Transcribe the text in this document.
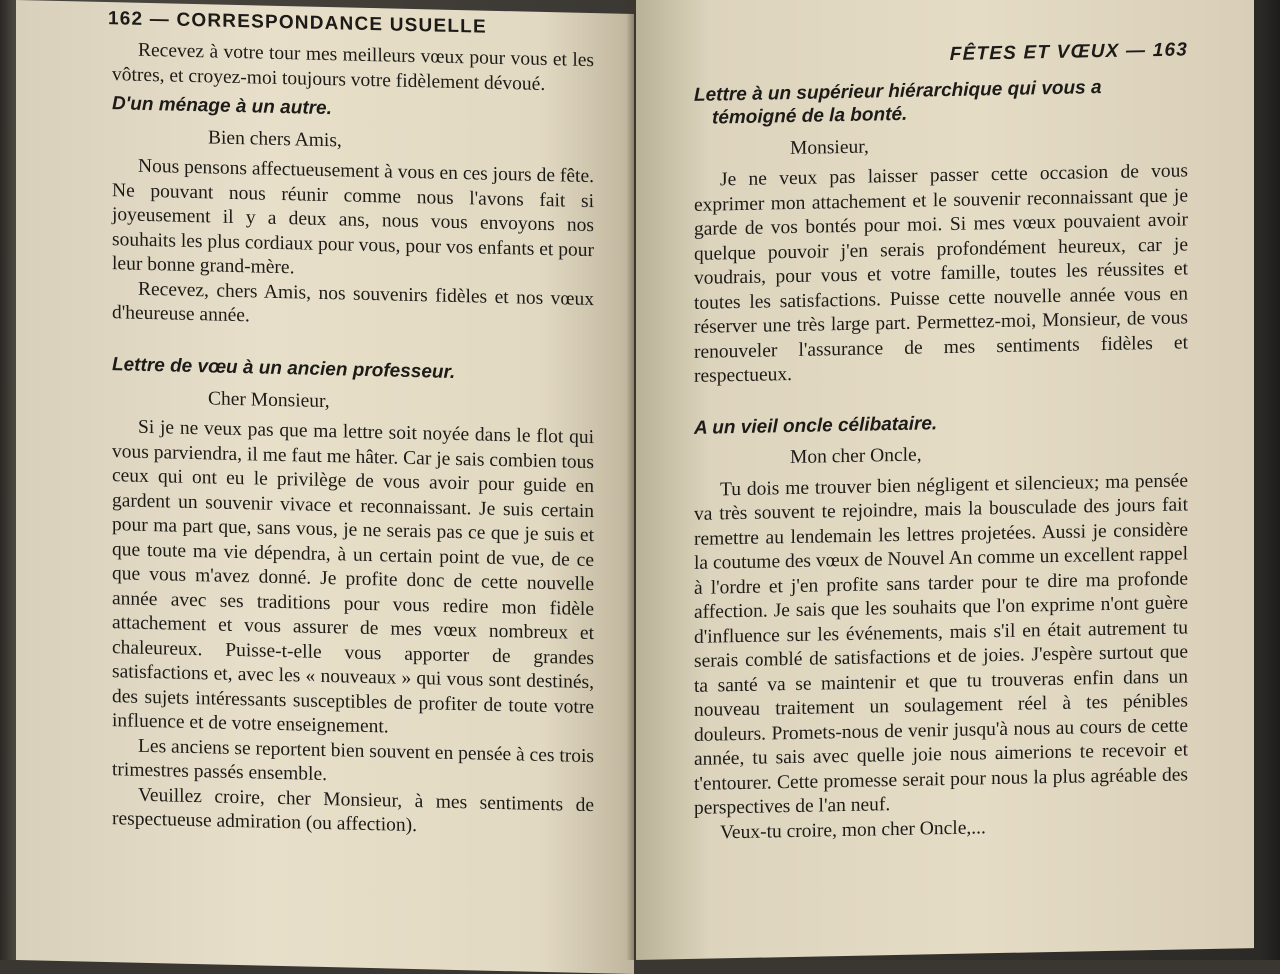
162 — CORRESPONDANCE USUELLE

Recevez à votre tour mes meilleurs vœux pour vous et les vôtres, et croyez-moi toujours votre fidèlement dévoué.

D'un ménage à un autre.
Bien chers Amis,

Nous pensons affectueusement à vous en ces jours de fête. Ne pouvant nous réunir comme nous l'avons fait si joyeusement il y a deux ans, nous vous envoyons nos souhaits les plus cordiaux pour vous, pour vos enfants et pour leur bonne grand-mère.

Recevez, chers Amis, nos souvenirs fidèles et nos vœux d'heureuse année.

Lettre de vœu à un ancien professeur.
Cher Monsieur,

Si je ne veux pas que ma lettre soit noyée dans le flot qui vous parviendra, il me faut me hâter. Car je sais combien tous ceux qui ont eu le privilège de vous avoir pour guide en gardent un souvenir vivace et reconnaissant. Je suis certain pour ma part que, sans vous, je ne serais pas ce que je suis et que toute ma vie dépendra, à un certain point de vue, de ce que vous m'avez donné. Je profite donc de cette nouvelle année avec ses traditions pour vous redire mon fidèle attachement et vous assurer de mes vœux nombreux et chaleureux. Puisse-t-elle vous apporter de grandes satisfactions et, avec les « nouveaux » qui vous sont destinés, des sujets intéressants susceptibles de profiter de toute votre influence et de votre enseignement.

Les anciens se reportent bien souvent en pensée à ces trois trimestres passés ensemble.

Veuillez croire, cher Monsieur, à mes sentiments de respectueuse admiration (ou affection).

FÊTES ET VŒUX — 163
Lettre à un supérieur hiérarchique qui vous a témoigné de la bonté.
Monsieur,

Je ne veux pas laisser passer cette occasion de vous exprimer mon attachement et le souvenir reconnaissant que je garde de vos bontés pour moi. Si mes vœux pouvaient avoir quelque pouvoir j'en serais profondément heureux, car je voudrais, pour vous et votre famille, toutes les réussites et toutes les satisfactions. Puisse cette nouvelle année vous en réserver une très large part. Permettez-moi, Monsieur, de vous renouveler l'assurance de mes sentiments fidèles et respectueux.

A un vieil oncle célibataire.
Mon cher Oncle,

Tu dois me trouver bien négligent et silencieux; ma pensée va très souvent te rejoindre, mais la bousculade des jours fait remettre au lendemain les lettres projetées. Aussi je considère la coutume des vœux de Nouvel An comme un excellent rappel à l'ordre et j'en profite sans tarder pour te dire ma profonde affection. Je sais que les souhaits que l'on exprime n'ont guère d'influence sur les événements, mais s'il en était autrement tu serais comblé de satisfactions et de joies. J'espère surtout que ta santé va se maintenir et que tu trouveras enfin dans un nouveau traitement un soulagement réel à tes pénibles douleurs. Promets-nous de venir jusqu'à nous au cours de cette année, tu sais avec quelle joie nous aimerions te recevoir et t'entourer. Cette promesse serait pour nous la plus agréable des perspectives de l'an neuf.

Veux-tu croire, mon cher Oncle,...
